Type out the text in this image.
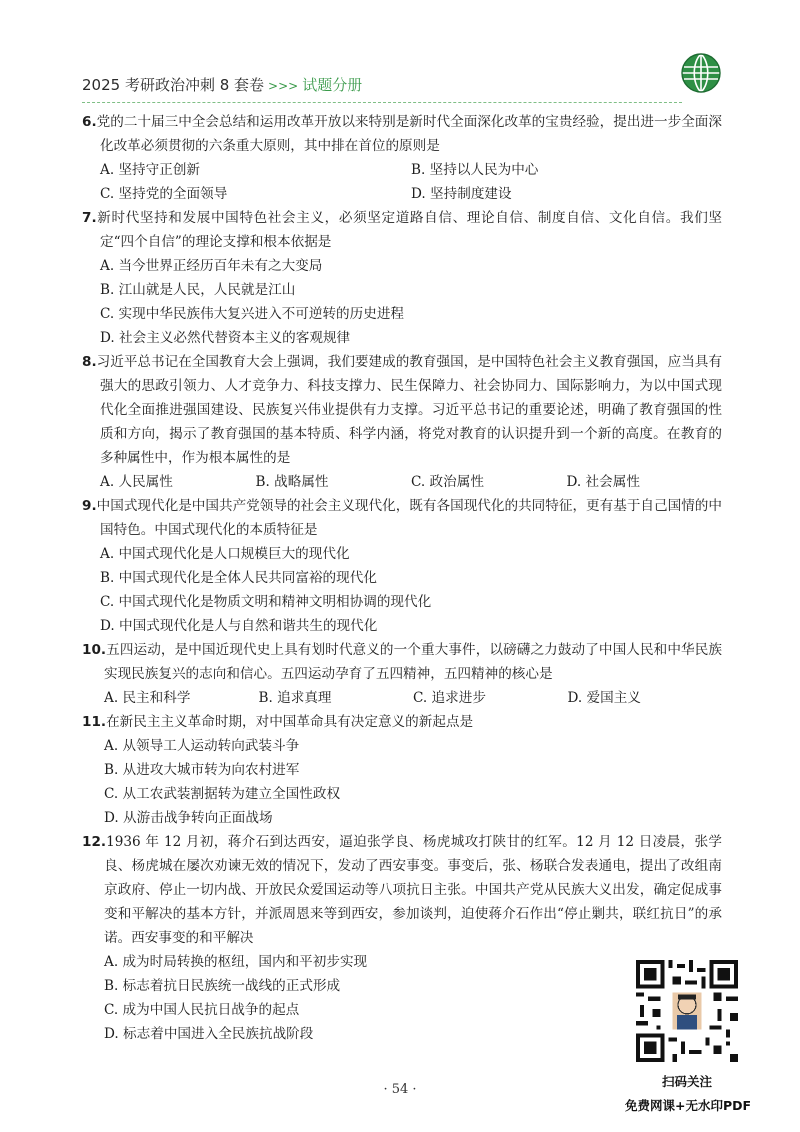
2025 考研政治冲刺 8 套卷 >>> 试题分册

6.党的二十届三中全会总结和运用改革开放以来特别是新时代全面深化改革的宝贵经验，提出进一步全面深化改革必须贯彻的六条重大原则，其中排在首位的原则是

A. 坚持守正创新	B. 坚持以人民为中心
C. 坚持党的全面领导	D. 坚持制度建设

7.新时代坚持和发展中国特色社会主义，必须坚定道路自信、理论自信、制度自信、文化自信。我们坚定“四个自信”的理论支撑和根本依据是

A. 当今世界正经历百年未有之大变局
B. 江山就是人民，人民就是江山
C. 实现中华民族伟大复兴进入不可逆转的历史进程
D. 社会主义必然代替资本主义的客观规律

8.习近平总书记在全国教育大会上强调，我们要建成的教育强国，是中国特色社会主义教育强国，应当具有强大的思政引领力、人才竞争力、科技支撑力、民生保障力、社会协同力、国际影响力，为以中国式现代化全面推进强国建设、民族复兴伟业提供有力支撑。习近平总书记的重要论述，明确了教育强国的性质和方向，揭示了教育强国的基本特质、科学内涵，将党对教育的认识提升到一个新的高度。在教育的多种属性中，作为根本属性的是

A. 人民属性	B. 战略属性	C. 政治属性	D. 社会属性

9.中国式现代化是中国共产党领导的社会主义现代化，既有各国现代化的共同特征，更有基于自己国情的中国特色。中国式现代化的本质特征是

A. 中国式现代化是人口规模巨大的现代化
B. 中国式现代化是全体人民共同富裕的现代化
C. 中国式现代化是物质文明和精神文明相协调的现代化
D. 中国式现代化是人与自然和谐共生的现代化

10.五四运动，是中国近现代史上具有划时代意义的一个重大事件，以磅礴之力鼓动了中国人民和中华民族实现民族复兴的志向和信心。五四运动孕育了五四精神，五四精神的核心是

A. 民主和科学	B. 追求真理	C. 追求进步	D. 爱国主义

11.在新民主主义革命时期，对中国革命具有决定意义的新起点是

A. 从领导工人运动转向武装斗争
B. 从进攻大城市转为向农村进军
C. 从工农武装割据转为建立全国性政权
D. 从游击战争转向正面战场

12.1936 年 12 月初，蒋介石到达西安，逼迫张学良、杨虎城攻打陕甘的红军。12 月 12 日凌晨，张学良、杨虎城在屡次劝谏无效的情况下，发动了西安事变。事变后，张、杨联合发表通电，提出了改组南京政府、停止一切内战、开放民众爱国运动等八项抗日主张。中国共产党从民族大义出发，确定促成事变和平解决的基本方针，并派周恩来等到西安，参加谈判，迫使蒋介石作出“停止剿共，联红抗日”的承诺。西安事变的和平解决

A. 成为时局转换的枢纽，国内和平初步实现
B. 标志着抗日民族统一战线的正式形成
C. 成为中国人民抗日战争的起点
D. 标志着中国进入全民族抗战阶段
扫码关注
免费网课+无水印PDF
· 54 ·
